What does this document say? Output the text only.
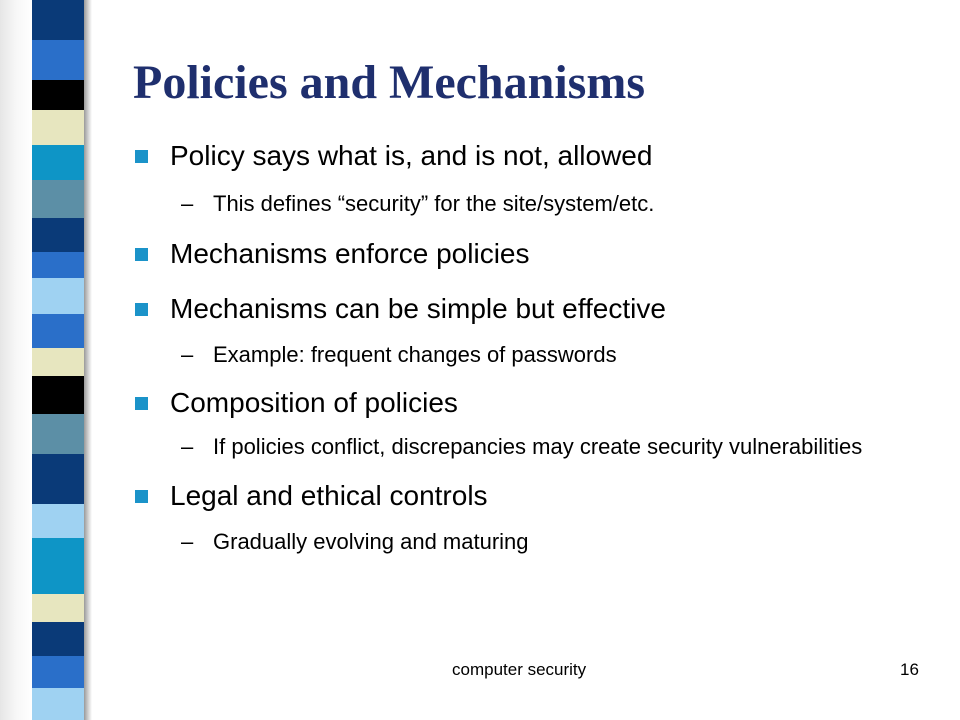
Policies and Mechanisms
Policy says what is, and is not, allowed
– This defines “security” for the site/system/etc.
Mechanisms enforce policies
Mechanisms can be simple but effective
– Example: frequent changes of passwords
Composition of policies
– If policies conflict, discrepancies may create security vulnerabilities
Legal and ethical controls
– Gradually evolving and maturing
computer security	16
